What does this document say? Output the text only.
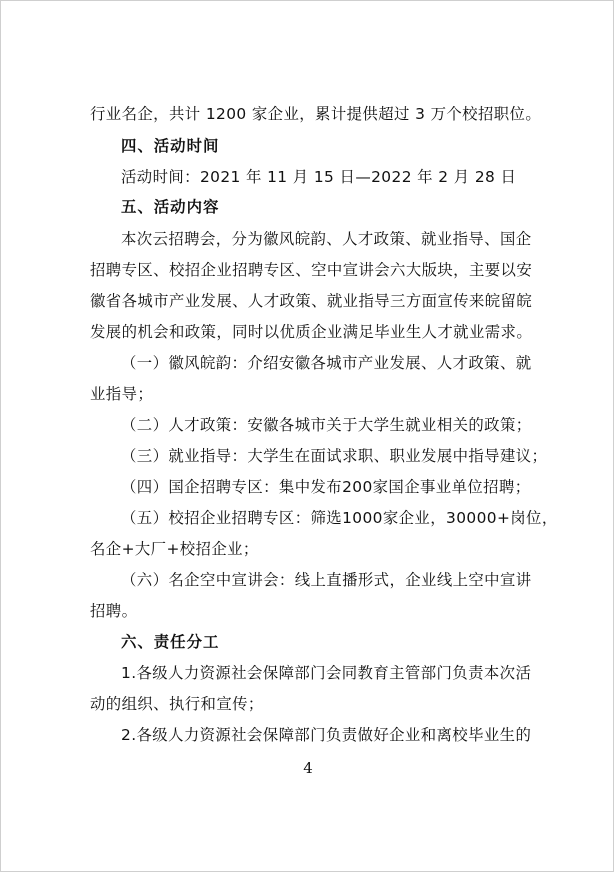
行业名企，共计 1200 家企业，累计提供超过 3 万个校招职位。
四、活动时间
活动时间：2021 年 11 月 15 日—2022 年 2 月 28 日
五、活动内容
本次云招聘会，分为徽风皖韵、人才政策、就业指导、国企
招聘专区、校招企业招聘专区、空中宣讲会六大版块，主要以安
徽省各城市产业发展、人才政策、就业指导三方面宣传来皖留皖
发展的机会和政策，同时以优质企业满足毕业生人才就业需求。
（一）徽风皖韵：介绍安徽各城市产业发展、人才政策、就
业指导；
（二）人才政策：安徽各城市关于大学生就业相关的政策；
（三）就业指导：大学生在面试求职、职业发展中指导建议；
（四）国企招聘专区：集中发布200家国企事业单位招聘；
（五）校招企业招聘专区：筛选1000家企业，30000+岗位，
名企+大厂+校招企业；
（六）名企空中宣讲会：线上直播形式，企业线上空中宣讲
招聘。
六、责任分工
1.各级人力资源社会保障部门会同教育主管部门负责本次活
动的组织、执行和宣传；
2.各级人力资源社会保障部门负责做好企业和离校毕业生的
4
